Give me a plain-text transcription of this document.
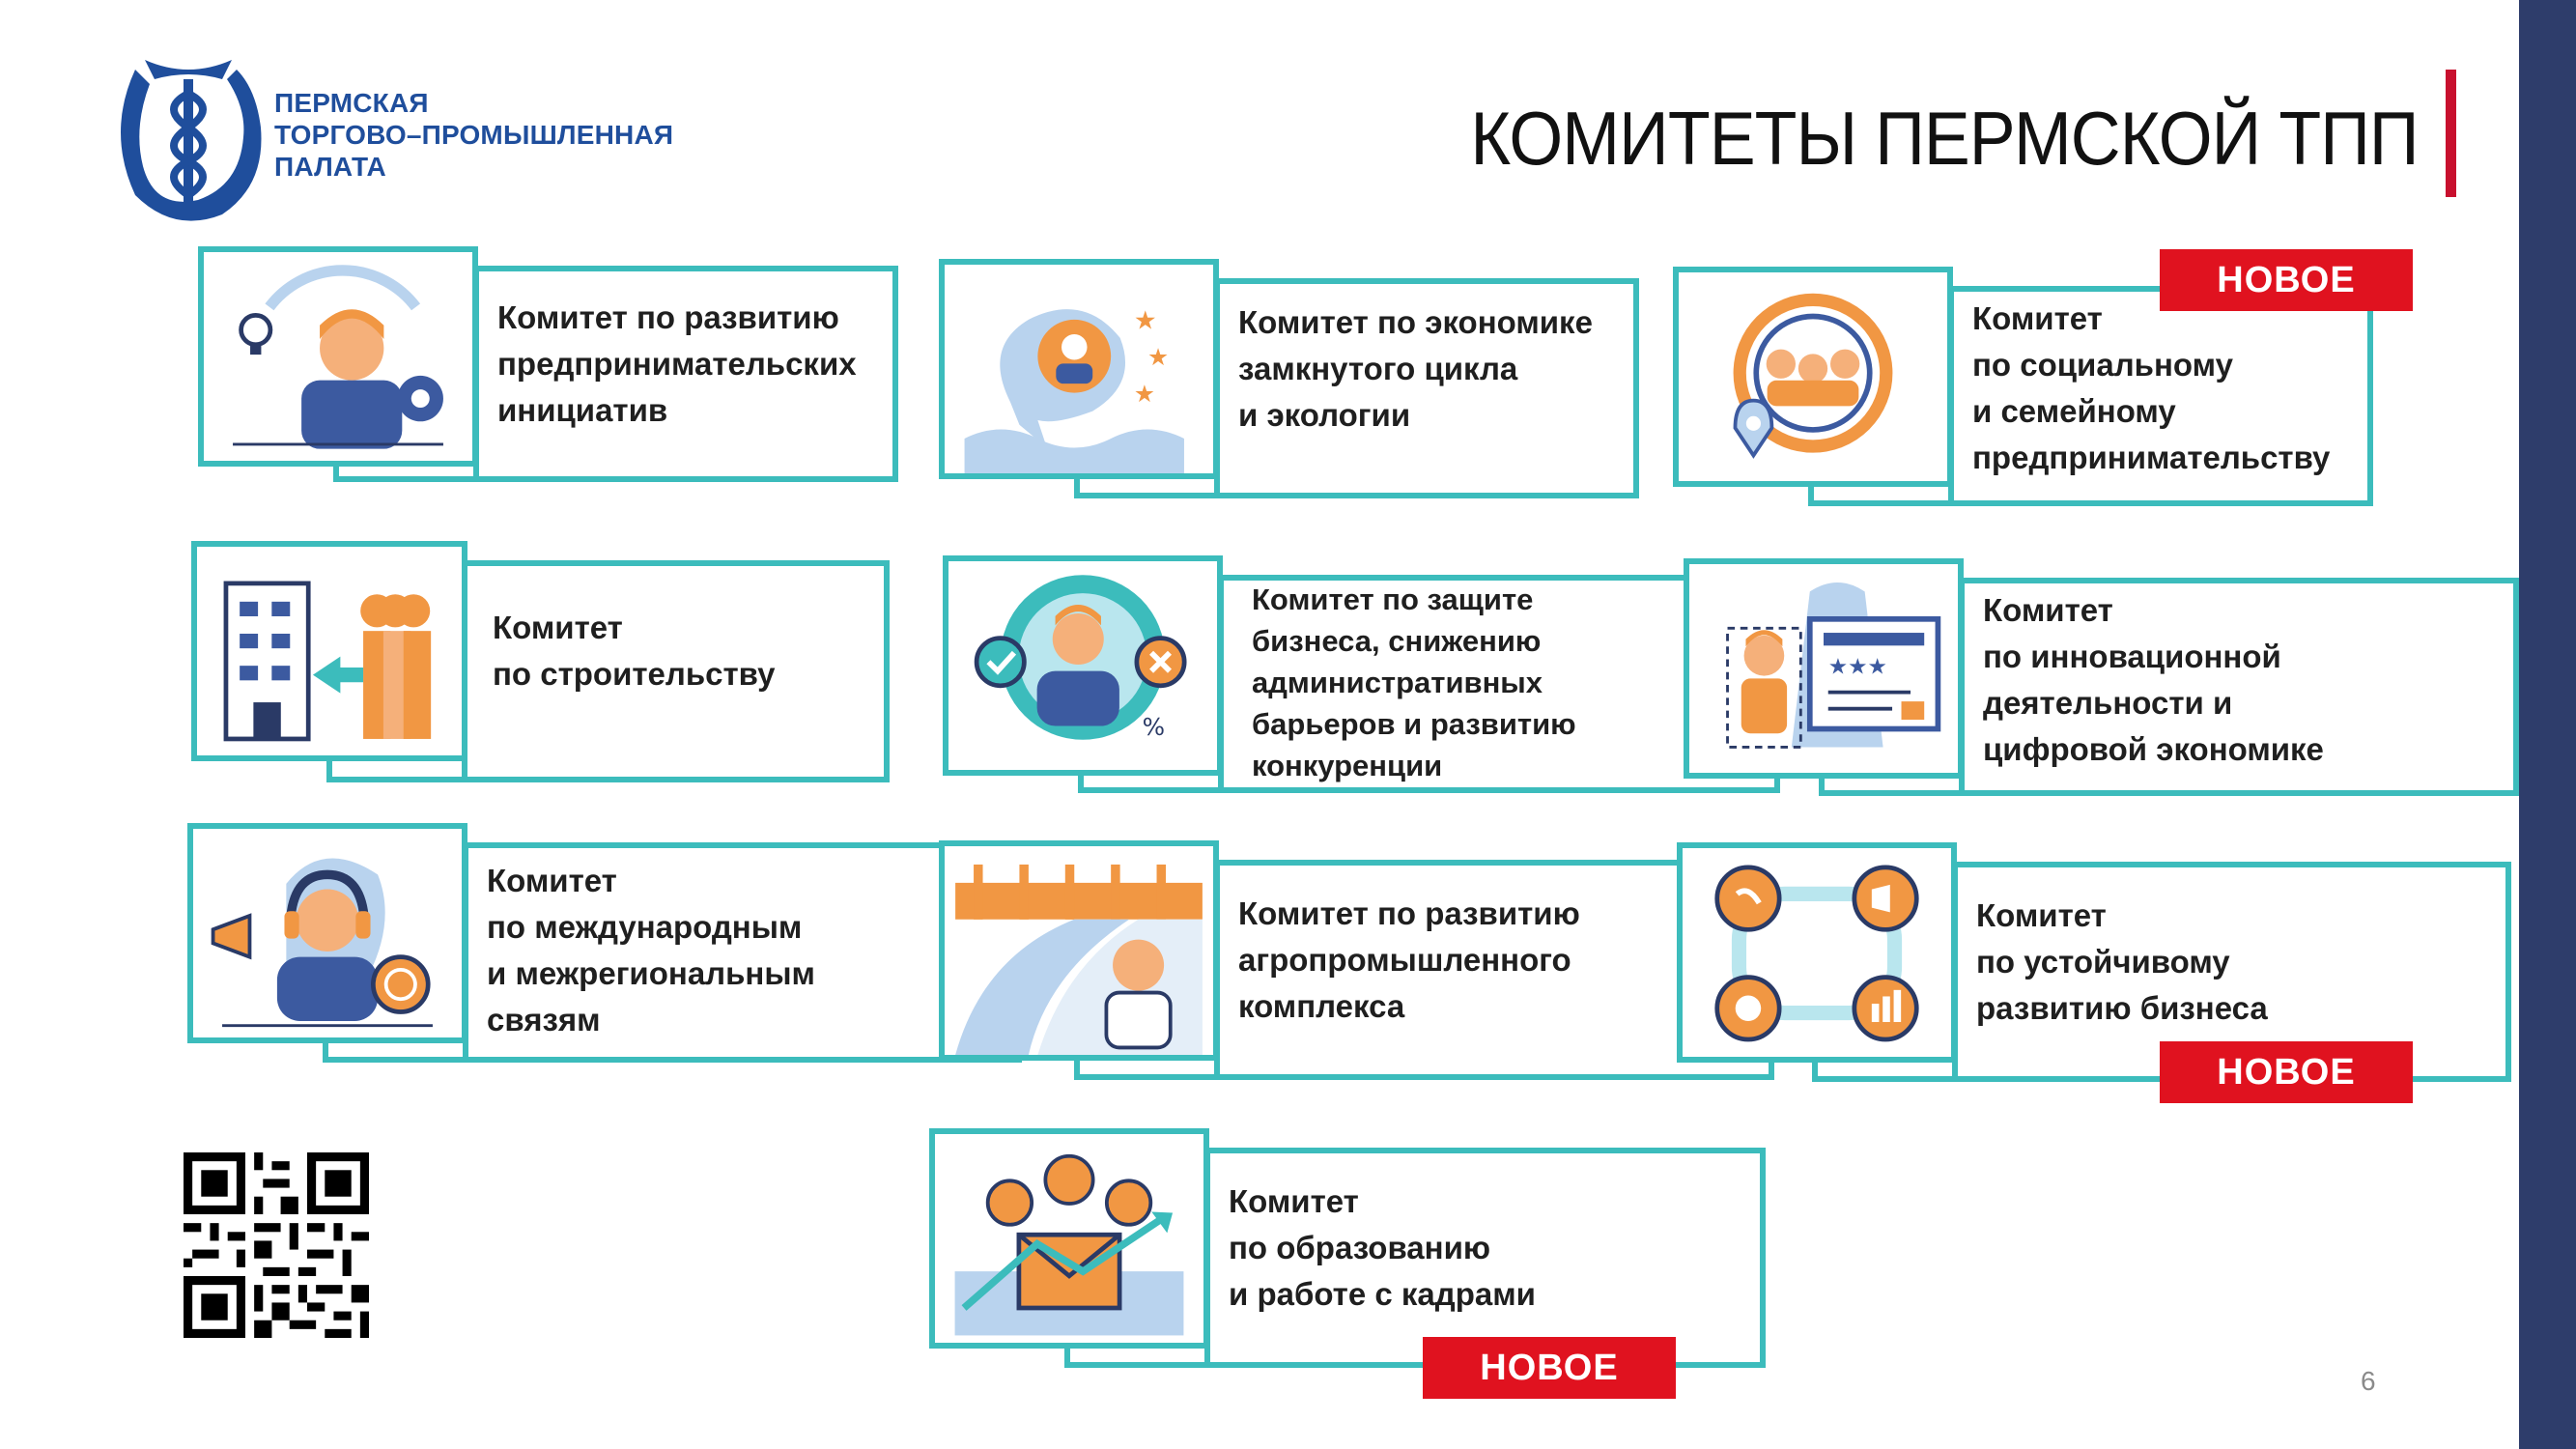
ПЕРМСКАЯ
ТОРГОВО–ПРОМЫШЛЕННАЯ
ПАЛАТА	КОМИТЕТЫ ПЕРМСКОЙ ТПП
Комитет по развитию
предпринимательских
инициатив
★
★
★
Комитет по экономике
замкнутого цикла
и экологии
Комитет
по социальному
и семейному
предпринимательству
НОВОЕ
Комитет
по строительству
%
Комитет по защите
бизнеса, снижению
административных
барьеров и развитию
конкуренции
★★★
Комитет
по инновационной
деятельности и
цифровой экономике
Комитет
по международным
и межрегиональным
связям
Комитет по развитию
агропромышленного
комплекса
Комитет
по устойчивому
развитию бизнеса
НОВОЕ
Комитет
по образованию
и работе с кадрами
НОВОЕ	6
